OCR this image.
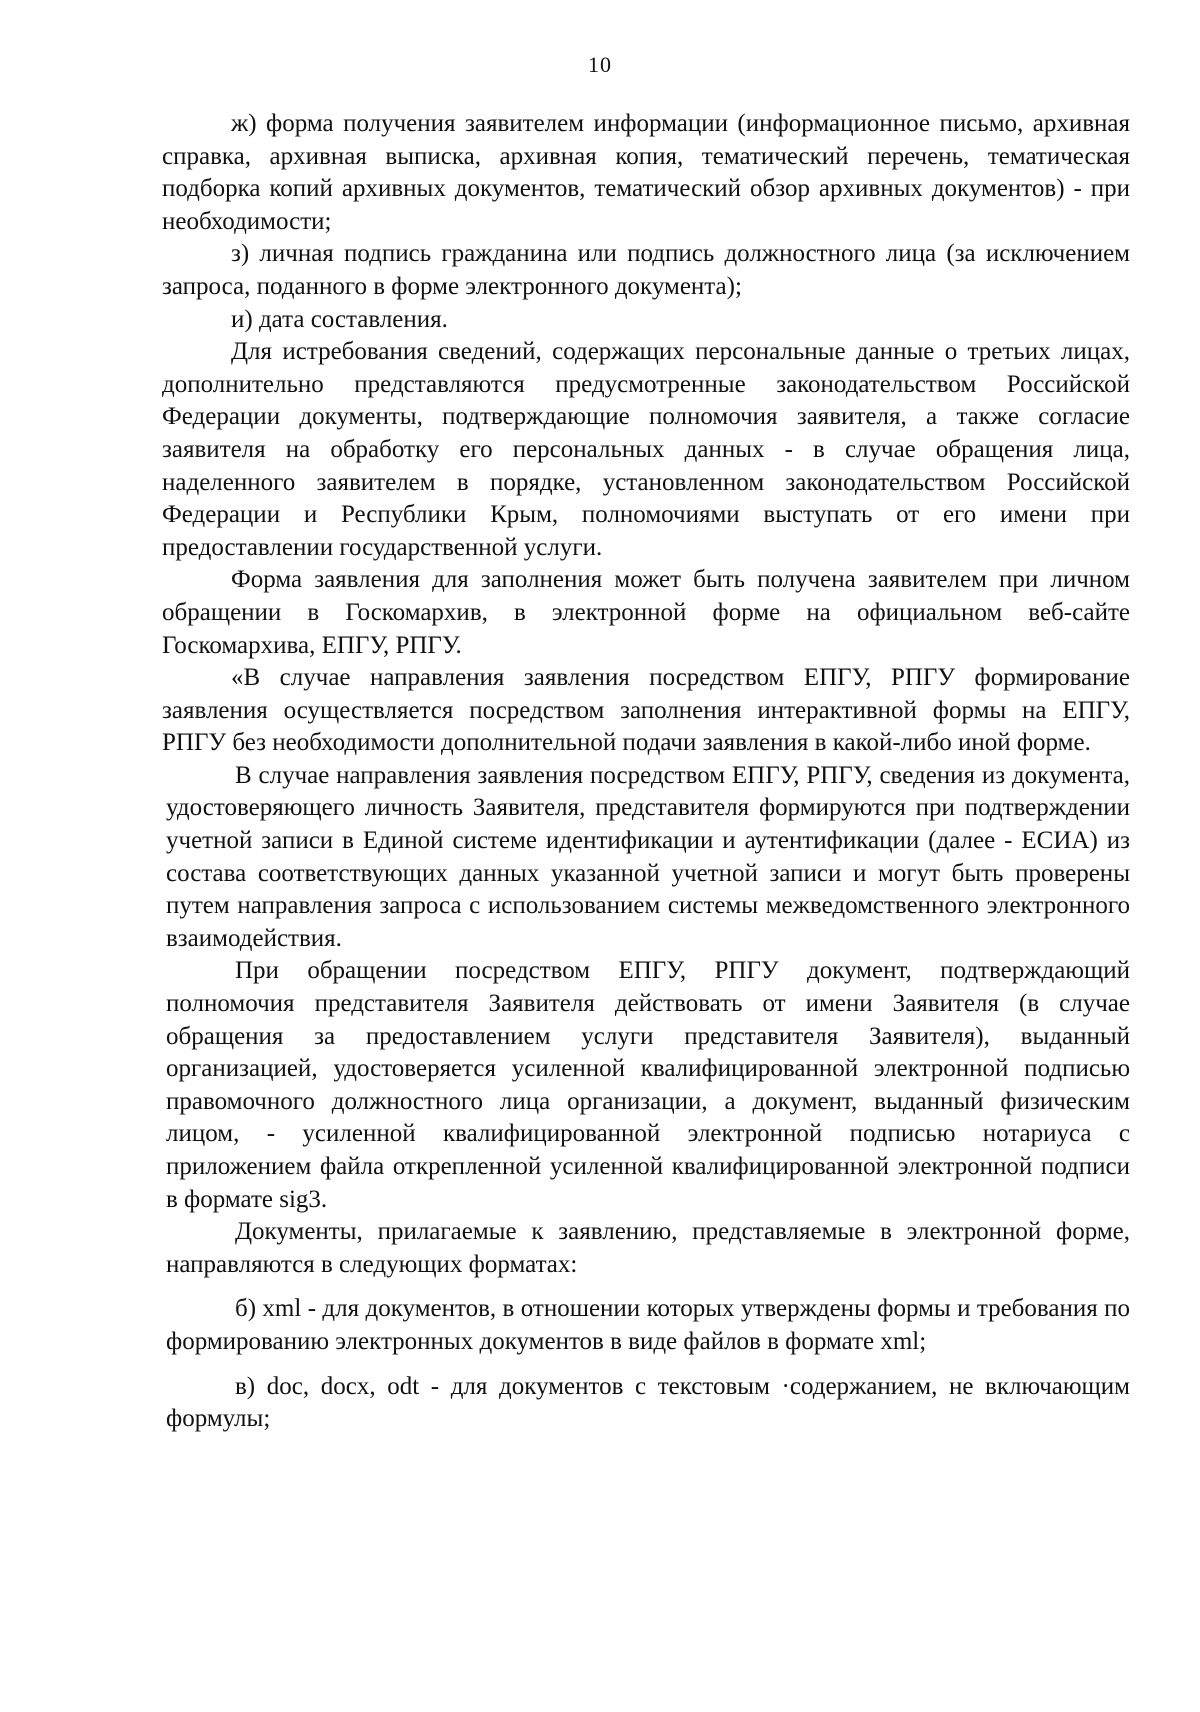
10

ж) форма получения заявителем информации (информационное письмо, архивная справка, архивная выписка, архивная копия, тематический перечень, тематическая подборка копий архивных документов, тематический обзор архивных документов) - при необходимости;

з) личная подпись гражданина или подпись должностного лица (за исключением запроса, поданного в форме электронного документа);

и) дата составления.

Для истребования сведений, содержащих персональные данные о третьих лицах, дополнительно представляются предусмотренные законодательством Российской Федерации документы, подтверждающие полномочия заявителя, а также согласие заявителя на обработку его персональных данных - в случае обращения лица, наделенного заявителем в порядке, установленном законодательством Российской Федерации и Республики Крым, полномочиями выступать от его имени при предоставлении государственной услуги.

Форма заявления для заполнения может быть получена заявителем при личном обращении в Госкомархив, в электронной форме на официальном веб-сайте Госкомархива, ЕПГУ, РПГУ.

«В случае направления заявления посредством ЕПГУ, РПГУ формирование заявления осуществляется посредством заполнения интерактивной формы на ЕПГУ, РПГУ без необходимости дополнительной подачи заявления в какой-либо иной форме.

В случае направления заявления посредством ЕПГУ, РПГУ, сведения из документа, удостоверяющего личность Заявителя, представителя формируются при подтверждении учетной записи в Единой системе идентификации и аутентификации (далее - ЕСИА) из состава соответствующих данных указанной учетной записи и могут быть проверены путем направления запроса с использованием системы межведомственного электронного взаимодействия.

При обращении посредством ЕПГУ, РПГУ документ, подтверждающий полномочия представителя Заявителя действовать от имени Заявителя (в случае обращения за предоставлением услуги представителя Заявителя), выданный организацией, удостоверяется усиленной квалифицированной электронной подписью правомочного должностного лица организации, а документ, выданный физическим лицом, - усиленной квалифицированной электронной подписью нотариуса с приложением файла открепленной усиленной квалифицированной электронной подписи в формате sig3.

Документы, прилагаемые к заявлению, представляемые в электронной форме, направляются в следующих форматах:

б) xml - для документов, в отношении которых утверждены формы и требования по формированию электронных документов в виде файлов в формате xml;

в) doc, docx, odt - для документов с текстовым ·содержанием, не включающим формулы;
